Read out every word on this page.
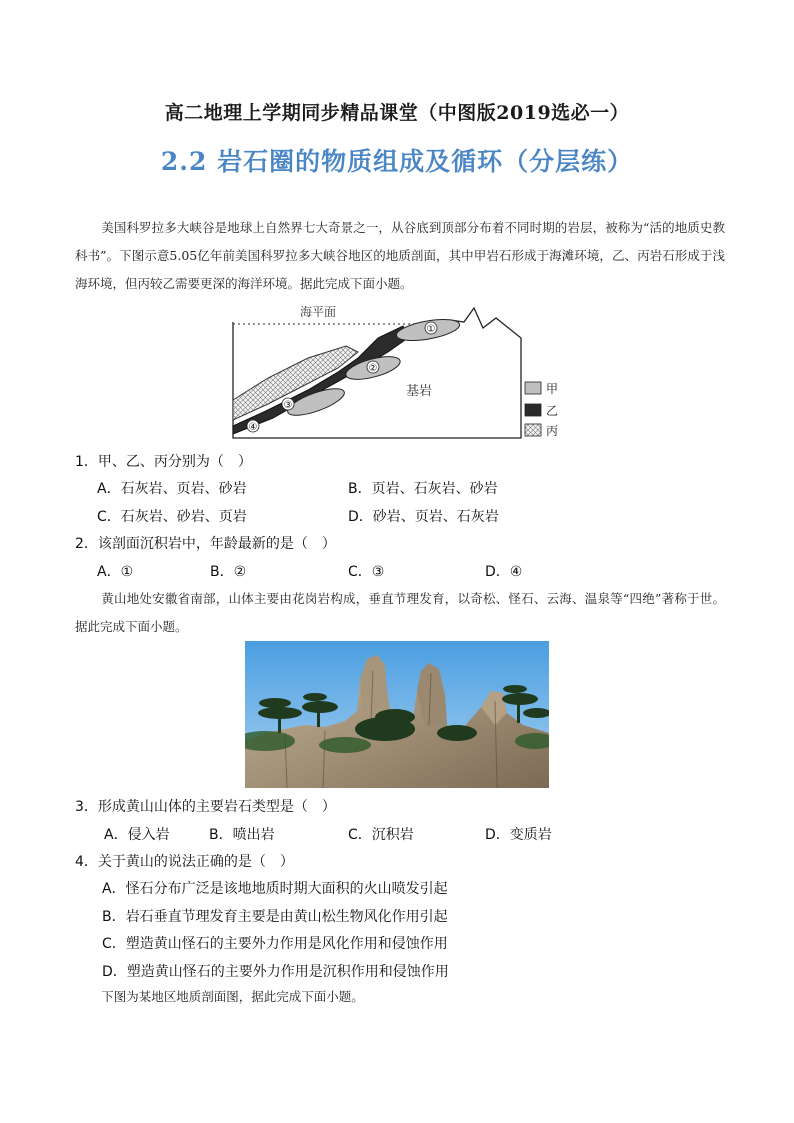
高二地理上学期同步精品课堂（中图版2019选必一）
2.2 岩石圈的物质组成及循环（分层练）
美国科罗拉多大峡谷是地球上自然界七大奇景之一，从谷底到顶部分布着不同时期的岩层，被称为“活的地质史教科书”。下图示意5.05亿年前美国科罗拉多大峡谷地区的地质剖面，其中甲岩石形成于海滩环境，乙、丙岩石形成于浅海环境，但丙较乙需要更深的海洋环境。据此完成下面小题。
海平面
①
②
③
④
基岩	甲
乙
丙
1．甲、乙、丙分别为（　）
A．石灰岩、页岩、砂岩	B．页岩、石灰岩、砂岩
C．石灰岩、砂岩、页岩	D．砂岩、页岩、石灰岩
2．该剖面沉积岩中，年龄最新的是（　）
A．①	B．②	C．③	D．④
黄山地处安徽省南部，山体主要由花岗岩构成，垂直节理发育，以奇松、怪石、云海、温泉等“四绝”著称于世。据此完成下面小题。
3．形成黄山山体的主要岩石类型是（　）
A．侵入岩	B．喷出岩	C．沉积岩	D．变质岩
4．关于黄山的说法正确的是（　）
A．怪石分布广泛是该地地质时期大面积的火山喷发引起
B．岩石垂直节理发育主要是由黄山松生物风化作用引起
C．塑造黄山怪石的主要外力作用是风化作用和侵蚀作用
D．塑造黄山怪石的主要外力作用是沉积作用和侵蚀作用
下图为某地区地质剖面图，据此完成下面小题。
